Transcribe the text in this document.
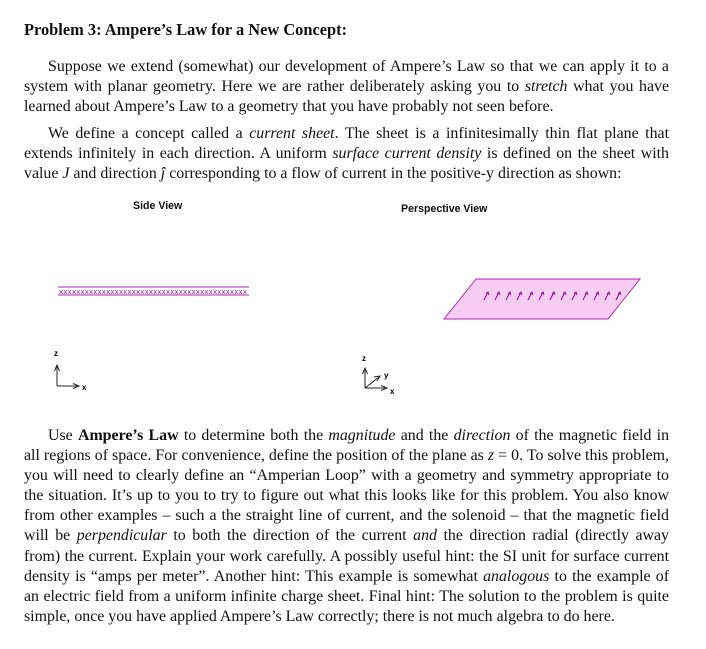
Problem 3: Ampere’s Law for a New Concept:

Suppose we extend (somewhat) our development of Ampere’s Law so that we can apply it to a system with planar geometry. Here we are rather deliberately asking you to stretch what you have learned about Ampere’s Law to a geometry that you have probably not seen before.

We define a concept called a current sheet. The sheet is a infinitesimally thin flat plane that extends infinitely in each direction. A uniform surface current density is defined on the sheet with value J and direction ĵ corresponding to a flow of current in the positive-y direction as shown:

Side View	Perspective View
xxxxxxxxxxxxxxxxxxxxxxxxxxxxxxxxxxxxxxxxxxxx
z
x
z
y
x

Use Ampere’s Law to determine both the magnitude and the direction of the magnetic field in all regions of space. For convenience, define the position of the plane as z = 0. To solve this problem, you will need to clearly define an “Amperian Loop” with a geometry and symmetry appropriate to the situation. It’s up to you to try to figure out what this looks like for this problem. You also know from other examples – such a the straight line of current, and the solenoid – that the magnetic field will be perpendicular to both the direction of the current and the direction radial (directly away from) the current. Explain your work carefully. A possibly useful hint: the SI unit for surface current density is “amps per meter”. Another hint: This example is somewhat analogous to the example of an electric field from a uniform infinite charge sheet. Final hint: The solution to the problem is quite simple, once you have applied Ampere’s Law correctly; there is not much algebra to do here.
